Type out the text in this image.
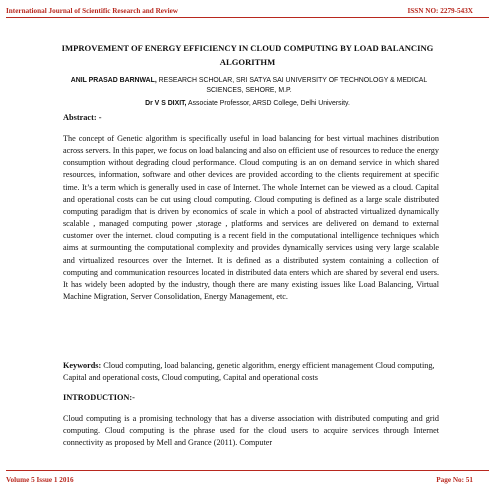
International Journal of Scientific Research and Review	ISSN NO: 2279-543X
IMPROVEMENT OF ENERGY EFFICIENCY IN CLOUD COMPUTING BY LOAD BALANCING ALGORITHM
ANIL PRASAD BARNWAL, RESEARCH SCHOLAR, SRI SATYA SAI UNIVERSITY OF TECHNOLOGY & MEDICAL SCIENCES, SEHORE, M.P.
Dr V S DIXIT, Associate Professor, ARSD College, Delhi University.
Abstract: -

The concept of Genetic algorithm is specifically useful in load balancing for best virtual machines distribution across servers. In this paper, we focus on load balancing and also on efficient use of resources to reduce the energy consumption without degrading cloud performance. Cloud computing is an on demand service in which shared resources, information, software and other devices are provided according to the clients requirement at specific time. It’s a term which is generally used in case of Internet. The whole Internet can be viewed as a cloud. Capital and operational costs can be cut using cloud computing. Cloud computing is defined as a large scale distributed computing paradigm that is driven by economics of scale in which a pool of abstracted virtualized dynamically scalable , managed computing power ,storage , platforms and services are delivered on demand to external customer over the internet. cloud computing is a recent field in the computational intelligence techniques which aims at surmounting the computational complexity and provides dynamically services using very large scalable and virtualized resources over the Internet. It is defined as a distributed system containing a collection of computing and communication resources located in distributed data enters which are shared by several end users. It has widely been adopted by the industry, though there are many existing issues like Load Balancing, Virtual Machine Migration, Server Consolidation, Energy Management, etc.

Keywords: Cloud computing, load balancing, genetic algorithm, energy efficient management Cloud computing, Capital and operational costs, Cloud computing, Capital and operational costs

INTRODUCTION:-

Cloud computing is a promising technology that has a diverse association with distributed computing and grid computing. Cloud computing is the phrase used for the cloud users to acquire services through Internet connectivity as proposed by Mell and Grance (2011). Computer

Volume 5 Issue 1 2016	Page No: 51
